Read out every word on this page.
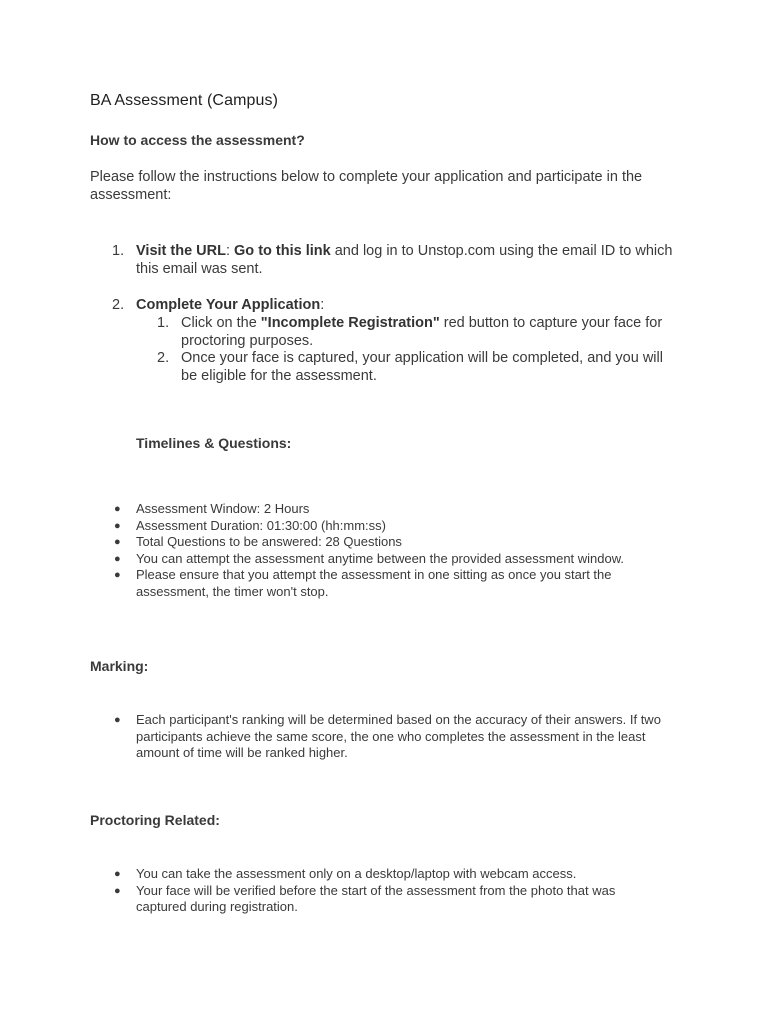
BA Assessment (Campus)
How to access the assessment?
Please follow the instructions below to complete your application and participate in the assessment:
1. Visit the URL: Go to this link and log in to Unstop.com using the email ID to which this email was sent.
2. Complete Your Application:
1. Click on the "Incomplete Registration" red button to capture your face for proctoring purposes.
2. Once your face is captured, your application will be completed, and you will be eligible for the assessment.
Timelines & Questions:
● Assessment Window: 2 Hours
● Assessment Duration: 01:30:00 (hh:mm:ss)
● Total Questions to be answered: 28 Questions
● You can attempt the assessment anytime between the provided assessment window.
● Please ensure that you attempt the assessment in one sitting as once you start the assessment, the timer won't stop.
Marking:
● Each participant's ranking will be determined based on the accuracy of their answers. If two participants achieve the same score, the one who completes the assessment in the least amount of time will be ranked higher.
Proctoring Related:
● You can take the assessment only on a desktop/laptop with webcam access.
● Your face will be verified before the start of the assessment from the photo that was captured during registration.
